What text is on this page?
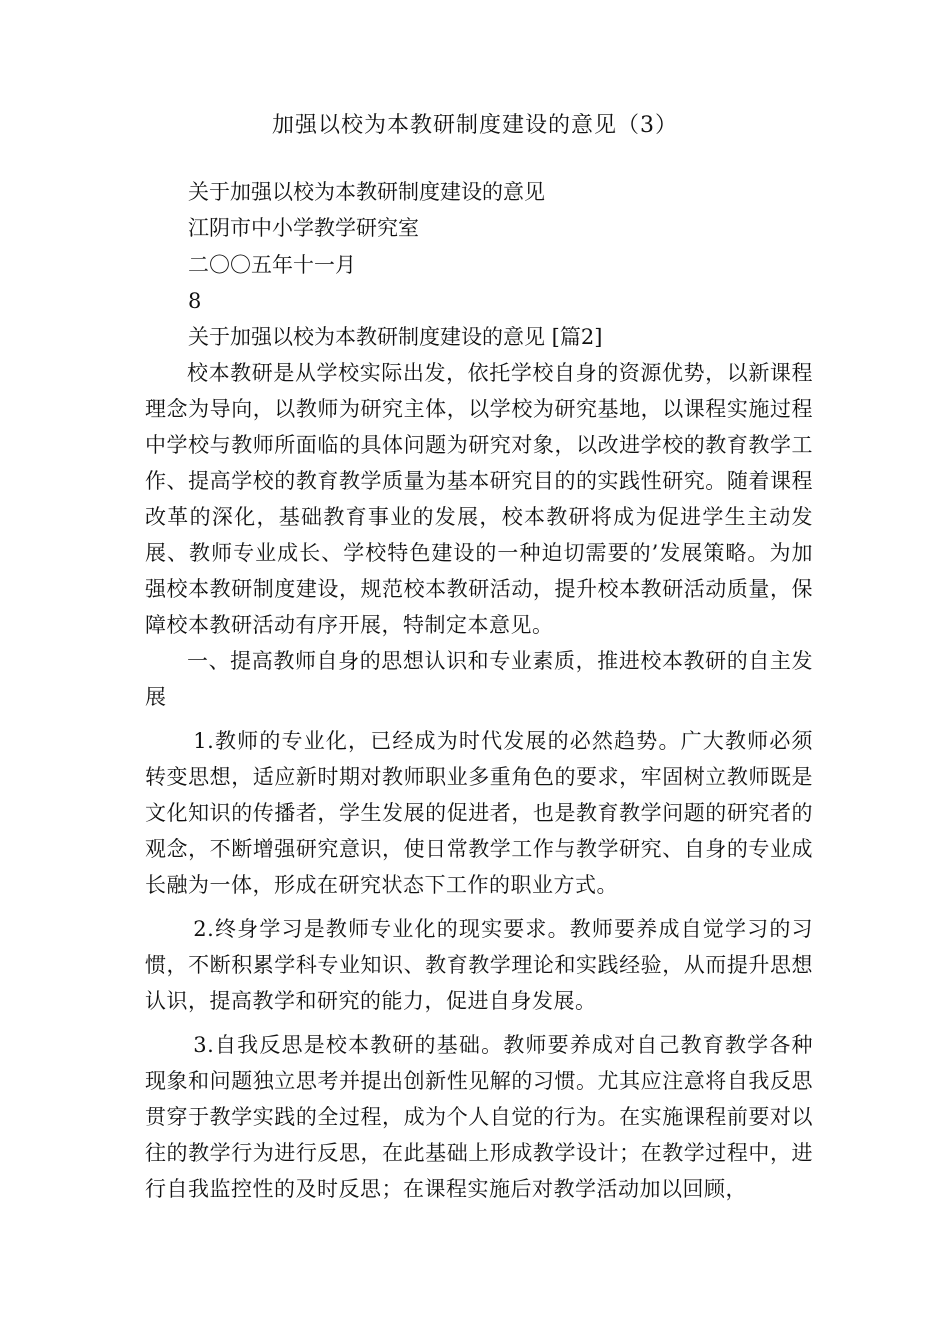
加强以校为本教研制度建设的意见（3）
关于加强以校为本教研制度建设的意见
江阴市中小学教学研究室
二〇〇五年十一月
8
关于加强以校为本教研制度建设的意见 [篇2]

校本教研是从学校实际出发，依托学校自身的资源优势，以新课程理念为导向，以教师为研究主体，以学校为研究基地，以课程实施过程中学校与教师所面临的具体问题为研究对象，以改进学校的教育教学工作、提高学校的教育教学质量为基本研究目的的实践性研究。随着课程改革的深化，基础教育事业的发展，校本教研将成为促进学生主动发展、教师专业成长、学校特色建设的一种迫切需要的’发展策略。为加强校本教研制度建设，规范校本教研活动，提升校本教研活动质量，保障校本教研活动有序开展，特制定本意见。

一、提高教师自身的思想认识和专业素质，推进校本教研的自主发展

1.教师的专业化，已经成为时代发展的必然趋势。广大教师必须转变思想，适应新时期对教师职业多重角色的要求，牢固树立教师既是文化知识的传播者，学生发展的促进者，也是教育教学问题的研究者的观念，不断增强研究意识，使日常教学工作与教学研究、自身的专业成长融为一体，形成在研究状态下工作的职业方式。

2.终身学习是教师专业化的现实要求。教师要养成自觉学习的习惯，不断积累学科专业知识、教育教学理论和实践经验，从而提升思想认识，提高教学和研究的能力，促进自身发展。

3.自我反思是校本教研的基础。教师要养成对自己教育教学各种现象和问题独立思考并提出创新性见解的习惯。尤其应注意将自我反思贯穿于教学实践的全过程，成为个人自觉的行为。在实施课程前要对以往的教学行为进行反思，在此基础上形成教学设计；在教学过程中，进行自我监控性的及时反思；在课程实施后对教学活动加以回顾，
